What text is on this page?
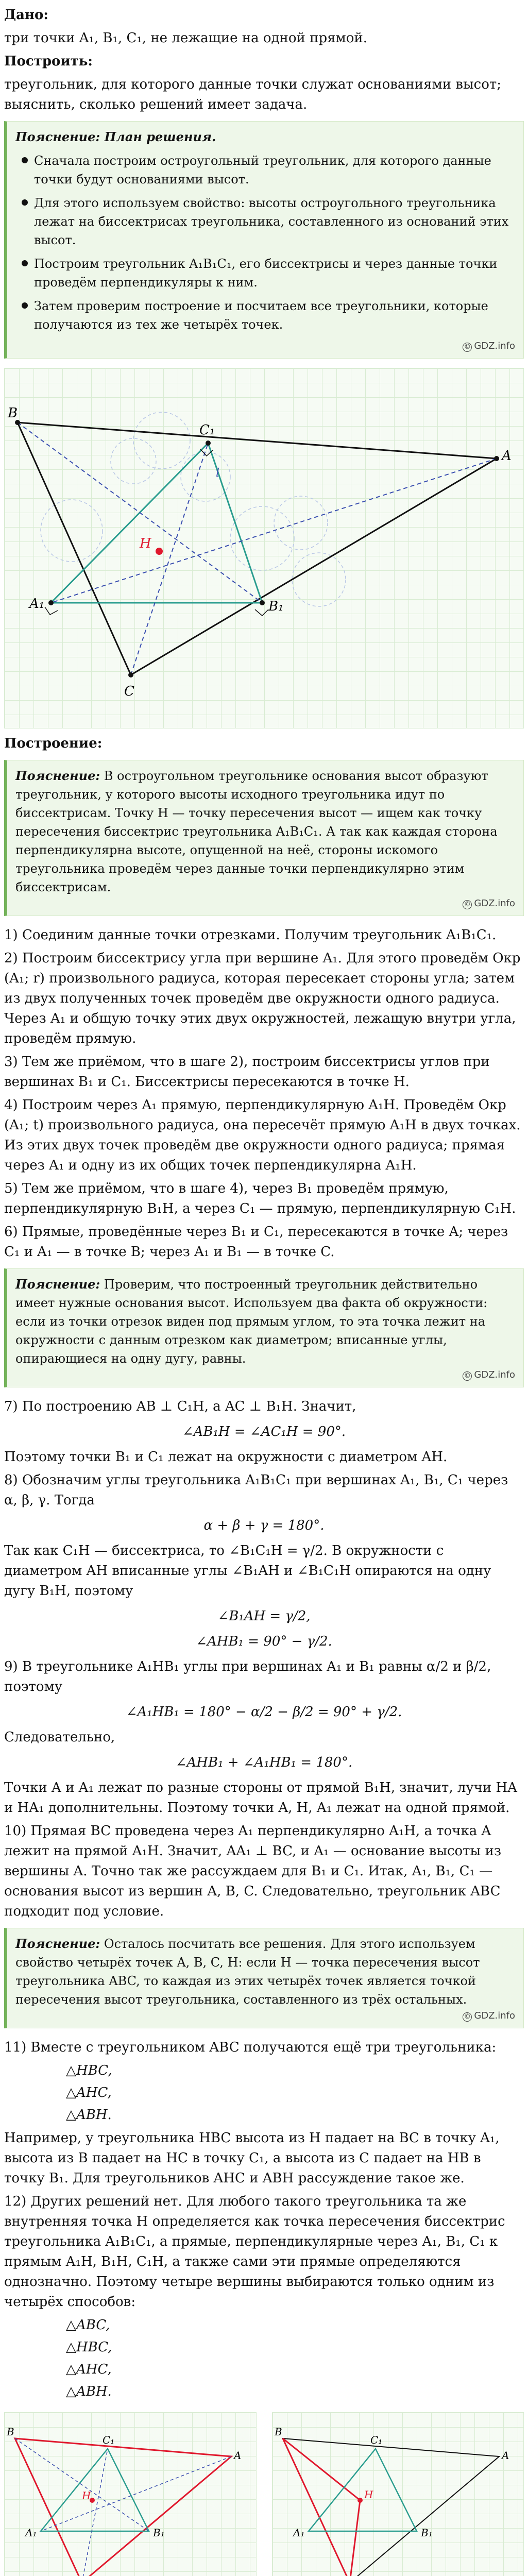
Дано:

три точки A₁, B₁, C₁, не лежащие на одной прямой.

Построить:

треугольник, для которого данные точки служат основаниями высот; выяснить, сколько решений имеет задача.

Пояснение: План решения.
Сначала построим остроугольный треугольник, для которого данные точки будут основаниями высот.
Для этого используем свойство: высоты остроугольного треугольника лежат на биссектрисах треугольника, составленного из оснований этих высот.
Построим треугольник A₁B₁C₁, его биссектрисы и через данные точки проведём перпендикуляры к ним.
Затем проверим построение и посчитаем все треугольники, которые получаются из тех же четырёх точек.
© GDZ.info
B
A
C
A₁
C₁
B₁
H
l
Построение:
Пояснение: В остроугольном треугольнике основания высот образуют треугольник, у которого высоты исходного треугольника идут по биссектрисам. Точку H — точку пересечения высот — ищем как точку пересечения биссектрис треугольника A₁B₁C₁. А так как каждая сторона перпендикулярна высоте, опущенной на неё, стороны искомого треугольника проведём через данные точки перпендикулярно этим биссектрисам.
© GDZ.info

1) Соединим данные точки отрезками. Получим треугольник A₁B₁C₁.

2) Построим биссектрису угла при вершине A₁. Для этого проведём Окр (A₁; r) произвольного радиуса, которая пересекает стороны угла; затем из двух полученных точек проведём две окружности одного радиуса. Через A₁ и общую точку этих двух окружностей, лежащую внутри угла, проведём прямую.

3) Тем же приёмом, что в шаге 2), построим биссектрисы углов при вершинах B₁ и C₁. Биссектрисы пересекаются в точке H.

4) Построим через A₁ прямую, перпендикулярную A₁H. Проведём Окр (A₁; t) произвольного радиуса, она пересечёт прямую A₁H в двух точках. Из этих двух точек проведём две окружности одного радиуса; прямая через A₁ и одну из их общих точек перпендикулярна A₁H.

5) Тем же приёмом, что в шаге 4), через B₁ проведём прямую, перпендикулярную B₁H, а через C₁ — прямую, перпендикулярную C₁H.

6) Прямые, проведённые через B₁ и C₁, пересекаются в точке A; через C₁ и A₁ — в точке B; через A₁ и B₁ — в точке C.

Пояснение: Проверим, что построенный треугольник действительно имеет нужные основания высот. Используем два факта об окружности: если из точки отрезок виден под прямым углом, то эта точка лежит на окружности с данным отрезком как диаметром; вписанные углы, опирающиеся на одну дугу, равны.
© GDZ.info

7) По построению AB ⊥ C₁H, а AC ⊥ B₁H. Значит,

∠AB₁H = ∠AC₁H = 90°.

Поэтому точки B₁ и C₁ лежат на окружности с диаметром AH.

8) Обозначим углы треугольника A₁B₁C₁ при вершинах A₁, B₁, C₁ через α, β, γ. Тогда

α + β + γ = 180°.

Так как C₁H — биссектриса, то ∠B₁C₁H = γ/2. В окружности с диаметром AH вписанные углы ∠B₁AH и ∠B₁C₁H опираются на одну дугу B₁H, поэтому

∠B₁AH = γ/2,
∠AHB₁ = 90° − γ/2.

9) В треугольнике A₁HB₁ углы при вершинах A₁ и B₁ равны α/2 и β/2, поэтому

∠A₁HB₁ = 180° − α/2 − β/2 = 90° + γ/2.

Следовательно,

∠AHB₁ + ∠A₁HB₁ = 180°.

Точки A и A₁ лежат по разные стороны от прямой B₁H, значит, лучи HA и HA₁ дополнительны. Поэтому точки A, H, A₁ лежат на одной прямой.

10) Прямая BC проведена через A₁ перпендикулярно A₁H, а точка A лежит на прямой A₁H. Значит, AA₁ ⊥ BC, и A₁ — основание высоты из вершины A. Точно так же рассуждаем для B₁ и C₁. Итак, A₁, B₁, C₁ — основания высот из вершин A, B, C. Следовательно, треугольник ABC подходит под условие.

Пояснение: Осталось посчитать все решения. Для этого используем свойство четырёх точек A, B, C, H: если H — точка пересечения высот треугольника ABC, то каждая из этих четырёх точек является точкой пересечения высот треугольника, составленного из трёх остальных.
© GDZ.info

11) Вместе с треугольником ABC получаются ещё три треугольника:

△HBC,
△AHC,
△ABH.

Например, у треугольника HBC высота из H падает на BC в точку A₁, высота из B падает на HC в точку C₁, а высота из C падает на HB в точку B₁. Для треугольников AHC и ABH рассуждение такое же.

12) Других решений нет. Для любого такого треугольника та же внутренняя точка H определяется как точка пересечения биссектрис треугольника A₁B₁C₁, а прямые, перпендикулярные через A₁, B₁, C₁ к прямым A₁H, B₁H, C₁H, а также сами эти прямые определяются однозначно. Поэтому четыре вершины выбираются только одним из четырёх способов:

△ABC,
△HBC,
△AHC,
△ABH.
B
C₁
A
A₁
H
B₁
B
C₁
A
A₁
H
B₁
